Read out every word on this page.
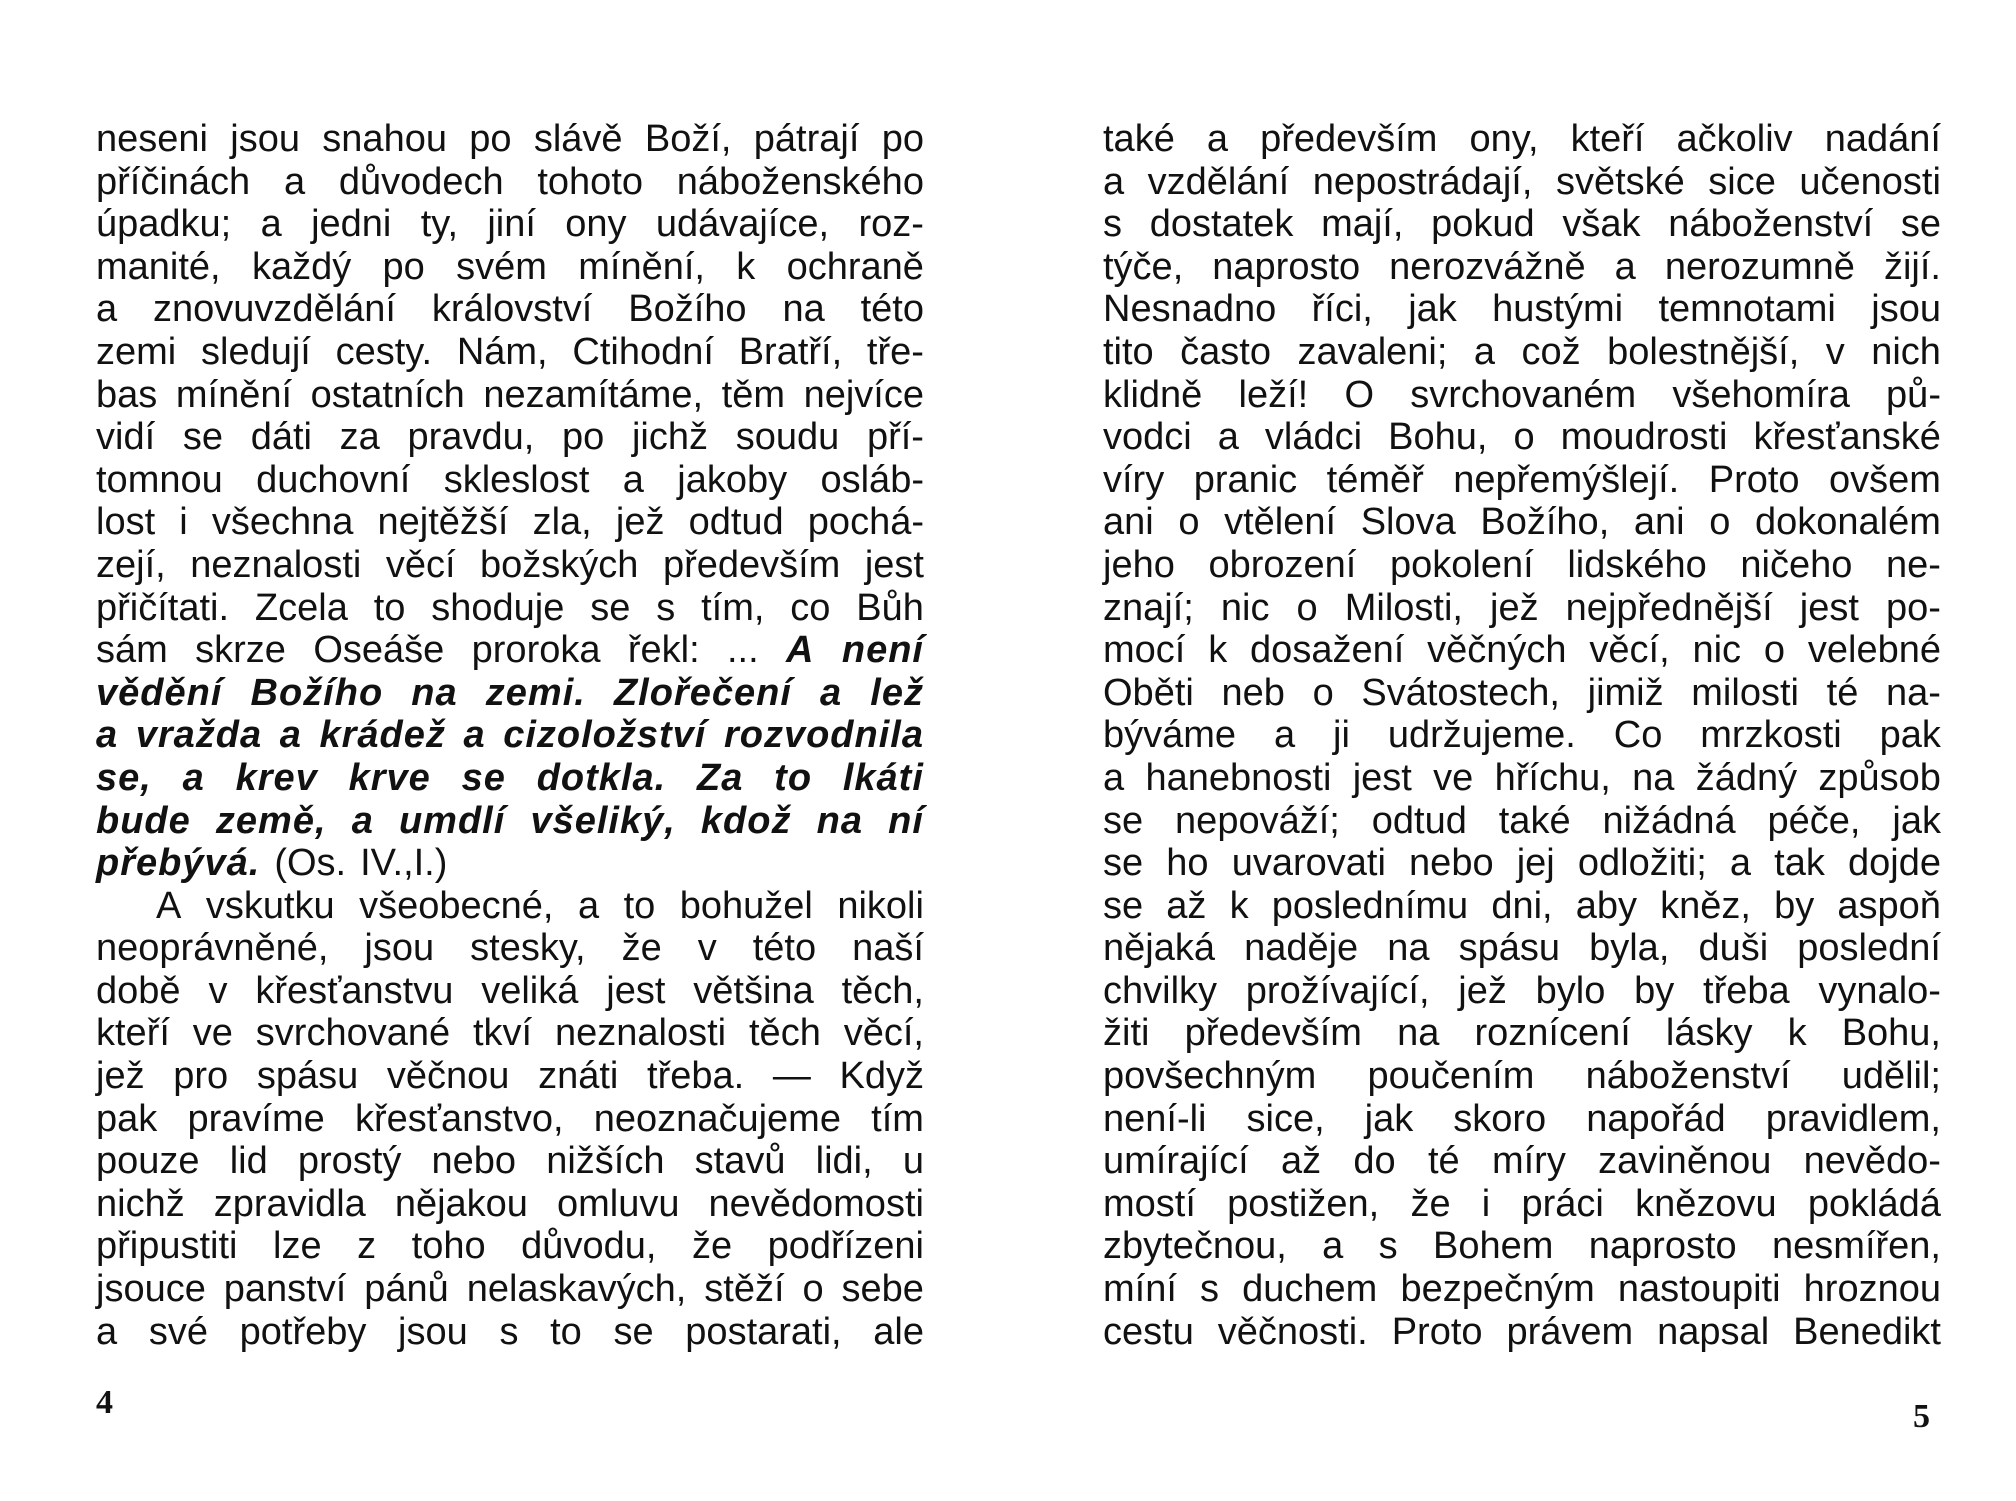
neseni jsou snahou po slávě Boží, pátrají po
příčinách a důvodech tohoto náboženského
úpadku; a jedni ty, jiní ony udávajíce, roz-
manité, každý po svém mínění, k ochraně
a znovuvzdělání království Božího na této
zemi sledují cesty. Nám, Ctihodní Bratří, tře-
bas mínění ostatních nezamítáme, těm nejvíce
vidí se dáti za pravdu, po jichž soudu pří-
tomnou duchovní skleslost a jakoby osláb-
lost i všechna nejtěžší zla, jež odtud pochá-
zejí, neznalosti věcí božských především jest
přičítati. Zcela to shoduje se s tím, co Bůh
sám skrze Oseáše proroka řekl: ... A není
vědění Božího na zemi. Zlořečení a lež
a vražda a krádež a cizoložství rozvodnila
se, a krev krve se dotkla. Za to lkáti
bude země, a umdlí všeliký, kdož na ní
přebývá. (Os. IV.,I.)
A vskutku všeobecné, a to bohužel nikoli
neoprávněné, jsou stesky, že v této naší
době v křesťanstvu veliká jest většina těch,
kteří ve svrchované tkví neznalosti těch věcí,
jež pro spásu věčnou znáti třeba. — Když
pak pravíme křesťanstvo, neoznačujeme tím
pouze lid prostý nebo nižších stavů lidi, u
nichž zpravidla nějakou omluvu nevědomosti
připustiti lze z toho důvodu, že podřízeni
jsouce panství pánů nelaskavých, stěží o sebe
a své potřeby jsou s to se postarati, ale
také a především ony, kteří ačkoliv nadání
a vzdělání nepostrádají, světské sice učenosti
s dostatek mají, pokud však náboženství se
týče, naprosto nerozvážně a nerozumně žijí.
Nesnadno říci, jak hustými temnotami jsou
tito často zavaleni; a což bolestnější, v nich
klidně leží! O svrchovaném všehomíra pů-
vodci a vládci Bohu, o moudrosti křesťanské
víry pranic téměř nepřemýšlejí. Proto ovšem
ani o vtělení Slova Božího, ani o dokonalém
jeho obrození pokolení lidského ničeho ne-
znají; nic o Milosti, jež nejpřednější jest po-
mocí k dosažení věčných věcí, nic o velebné
Oběti neb o Svátostech, jimiž milosti té na-
býváme a ji udržujeme. Co mrzkosti pak
a hanebnosti jest ve hříchu, na žádný způsob
se nepováží; odtud také nižádná péče, jak
se ho uvarovati nebo jej odložiti; a tak dojde
se až k poslednímu dni, aby kněz, by aspoň
nějaká naděje na spásu byla, duši poslední
chvilky prožívající, jež bylo by třeba vynalo-
žiti především na roznícení lásky k Bohu,
povšechným poučením náboženství udělil;
není-li sice, jak skoro napořád pravidlem,
umírající až do té míry zaviněnou nevědo-
mostí postižen, že i práci knězovu pokládá
zbytečnou, a s Bohem naprosto nesmířen,
míní s duchem bezpečným nastoupiti hroznou
cestu věčnosti. Proto právem napsal Benedikt
4	5
